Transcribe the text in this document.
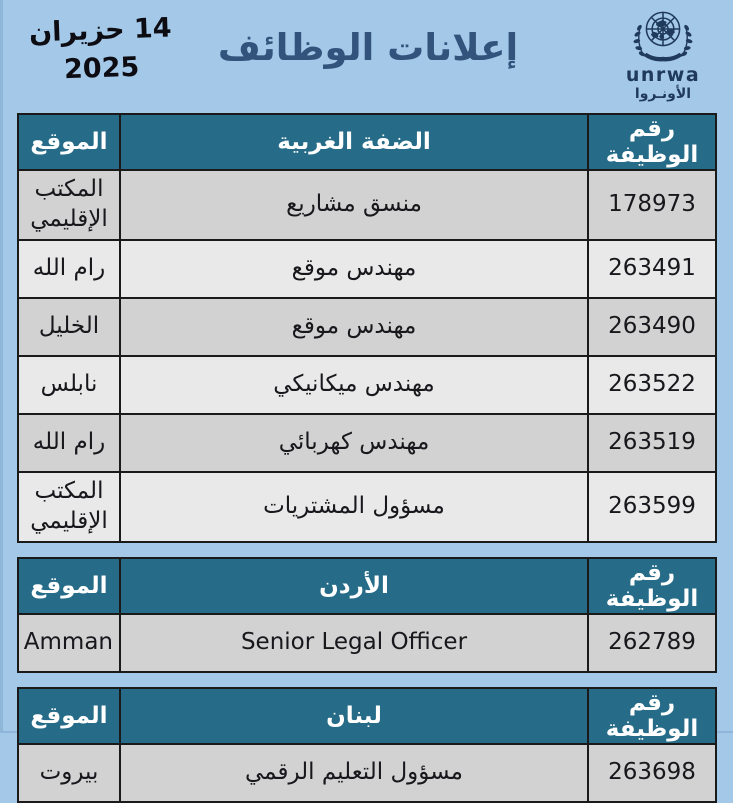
14 حزيران
2025	إعلانات الوظائف
unrwa
الأونـروا
رقم الوظيفة	الضفة الغربية	الموقع
178973	منسق مشاريع	المكتب الإقليمي
263491	مهندس موقع	رام الله
263490	مهندس موقع	الخليل
263522	مهندس ميكانيكي	نابلس
263519	مهندس كهربائي	رام الله
263599	مسؤول المشتريات	المكتب الإقليمي
رقم الوظيفة	الأردن	الموقع
262789	Senior Legal Officer	Amman
رقم الوظيفة	لبنان	الموقع
263698	مسؤول التعليم الرقمي	بيروت
